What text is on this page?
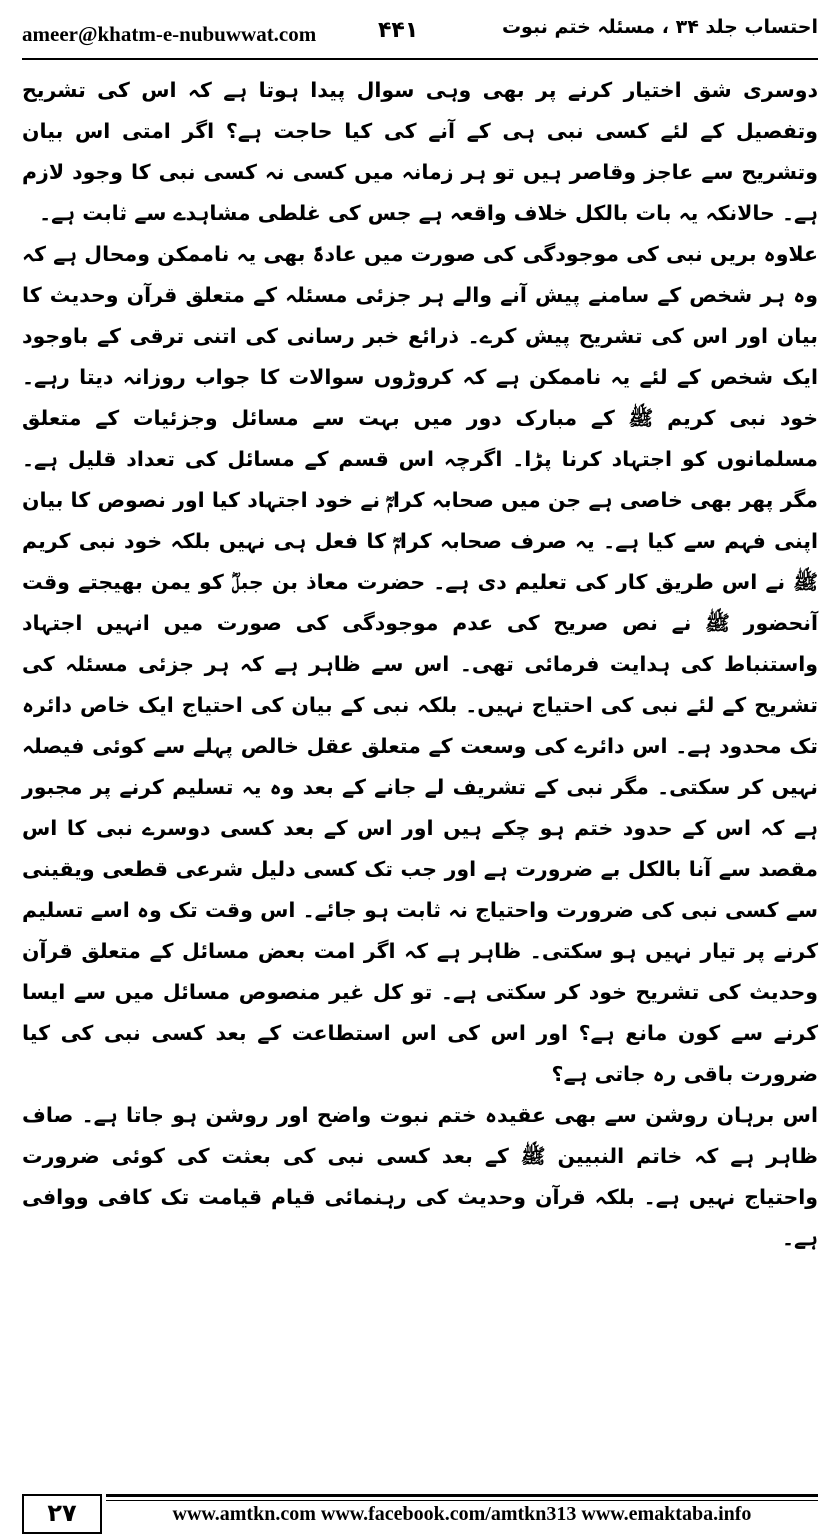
ameer@khatm-e-nubuwwat.com	۴۴۱	احتساب جلد ۳۴ ، مسئلہ ختم نبوت

دوسری شق اختیار کرنے پر بھی وہی سوال پیدا ہوتا ہے کہ اس کی تشریح وتفصیل کے لئے کسی نبی ہی کے آنے کی کیا حاجت ہے؟ اگر امتی اس بیان وتشریح سے عاجز وقاصر ہیں تو ہر زمانہ میں کسی نہ کسی نبی کا وجود لازم ہے۔ حالانکہ یہ بات بالکل خلاف واقعہ ہے جس کی غلطی مشاہدے سے ثابت ہے۔

علاوہ بریں نبی کی موجودگی کی صورت میں عادۃً بھی یہ ناممکن ومحال ہے کہ وہ ہر شخص کے سامنے پیش آنے والے ہر جزئی مسئلہ کے متعلق قرآن وحدیث کا بیان اور اس کی تشریح پیش کرے۔ ذرائع خبر رسانی کی اتنی ترقی کے باوجود ایک شخص کے لئے یہ ناممکن ہے کہ کروڑوں سوالات کا جواب روزانہ دیتا رہے۔ خود نبی کریم ﷺ کے مبارک دور میں بہت سے مسائل وجزئیات کے متعلق مسلمانوں کو اجتہاد کرنا پڑا۔ اگرچہ اس قسم کے مسائل کی تعداد قلیل ہے۔ مگر پھر بھی خاصی ہے جن میں صحابہ کرامؓ نے خود اجتہاد کیا اور نصوص کا بیان اپنی فہم سے کیا ہے۔ یہ صرف صحابہ کرامؓ کا فعل ہی نہیں بلکہ خود نبی کریم ﷺ نے اس طریق کار کی تعلیم دی ہے۔ حضرت معاذ بن جبلؓ کو یمن بھیجتے وقت آنحضور ﷺ نے نص صریح کی عدم موجودگی کی صورت میں انہیں اجتہاد واستنباط کی ہدایت فرمائی تھی۔ اس سے ظاہر ہے کہ ہر جزئی مسئلہ کی تشریح کے لئے نبی کی احتیاج نہیں۔ بلکہ نبی کے بیان کی احتیاج ایک خاص دائرہ تک محدود ہے۔ اس دائرے کی وسعت کے متعلق عقل خالص پہلے سے کوئی فیصلہ نہیں کر سکتی۔ مگر نبی کے تشریف لے جانے کے بعد وہ یہ تسلیم کرنے پر مجبور ہے کہ اس کے حدود ختم ہو چکے ہیں اور اس کے بعد کسی دوسرے نبی کا اس مقصد سے آنا بالکل بے ضرورت ہے اور جب تک کسی دلیل شرعی قطعی ویقینی سے کسی نبی کی ضرورت واحتیاج نہ ثابت ہو جائے۔ اس وقت تک وہ اسے تسلیم کرنے پر تیار نہیں ہو سکتی۔ ظاہر ہے کہ اگر امت بعض مسائل کے متعلق قرآن وحدیث کی تشریح خود کر سکتی ہے۔ تو کل غیر منصوص مسائل میں سے ایسا کرنے سے کون مانع ہے؟ اور اس کی اس استطاعت کے بعد کسی نبی کی کیا ضرورت باقی رہ جاتی ہے؟

اس برہان روشن سے بھی عقیدہ ختم نبوت واضح اور روشن ہو جاتا ہے۔ صاف ظاہر ہے کہ خاتم النبیین ﷺ کے بعد کسی نبی کی بعثت کی کوئی ضرورت واحتیاج نہیں ہے۔ بلکہ قرآن وحدیث کی رہنمائی قیام قیامت تک کافی ووافی ہے۔

۲۷	www.amtkn.com www.facebook.com/amtkn313 www.emaktaba.info
